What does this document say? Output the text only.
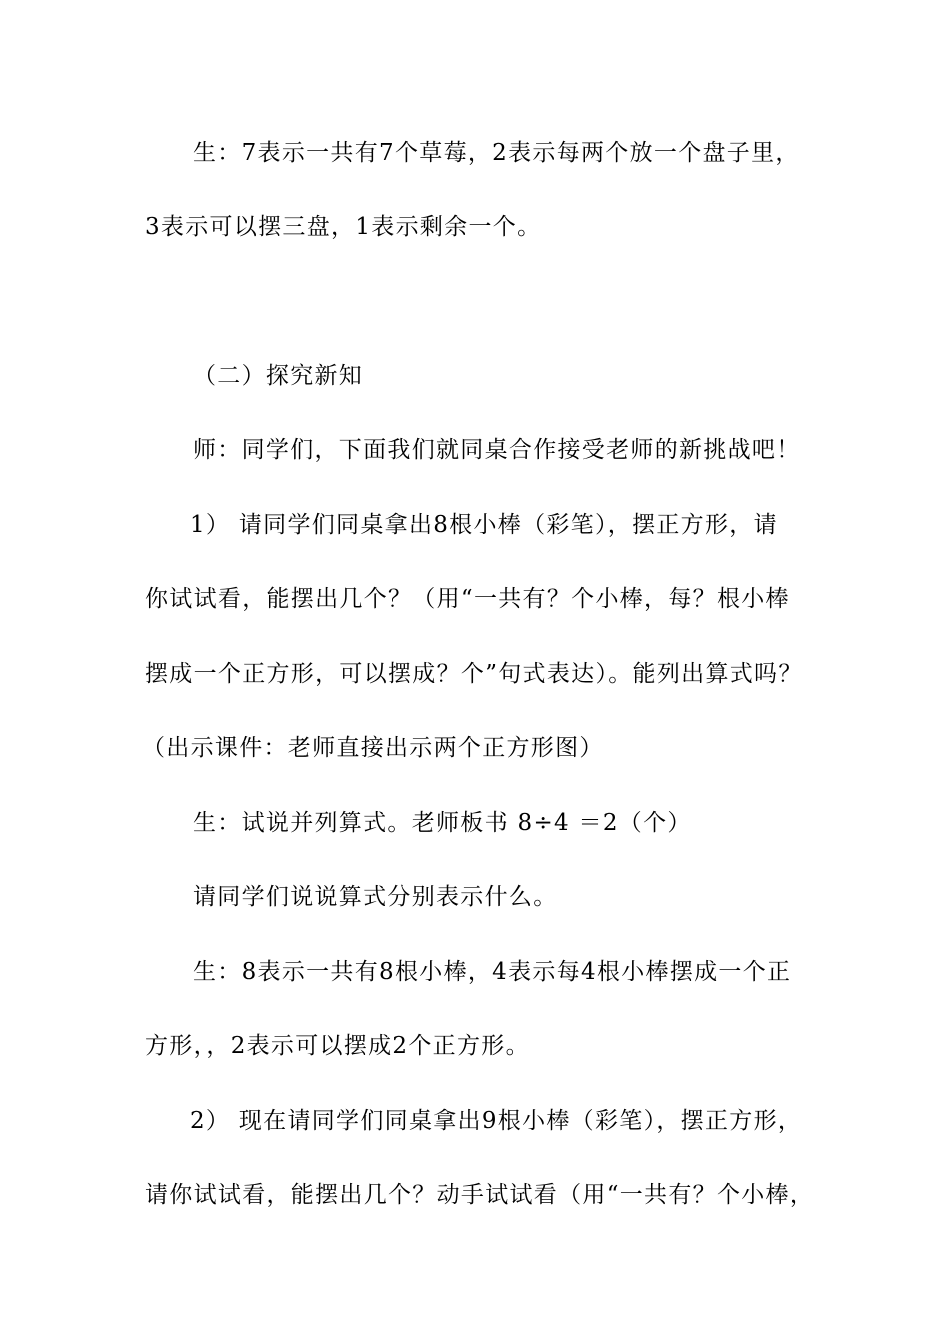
生：7表示一共有7个草莓，2表示每两个放一个盘子里，
3表示可以摆三盘，1表示剩余一个。
（二）探究新知
师：同学们，下面我们就同桌合作接受老师的新挑战吧！
1） 请同学们同桌拿出8根小棒（彩笔），摆正方形，请
你试试看，能摆出几个？（用“一共有？个小棒，每？根小棒
摆成一个正方形，可以摆成？个”句式表达）。能列出算式吗？
（出示课件：老师直接出示两个正方形图）
生：试说并列算式。老师板书 8÷4 ＝2（个）
请同学们说说算式分别表示什么。
生：8表示一共有8根小棒，4表示每4根小棒摆成一个正
方形，，2表示可以摆成2个正方形。
2） 现在请同学们同桌拿出9根小棒（彩笔），摆正方形，
请你试试看，能摆出几个？动手试试看（用“一共有？个小棒，
